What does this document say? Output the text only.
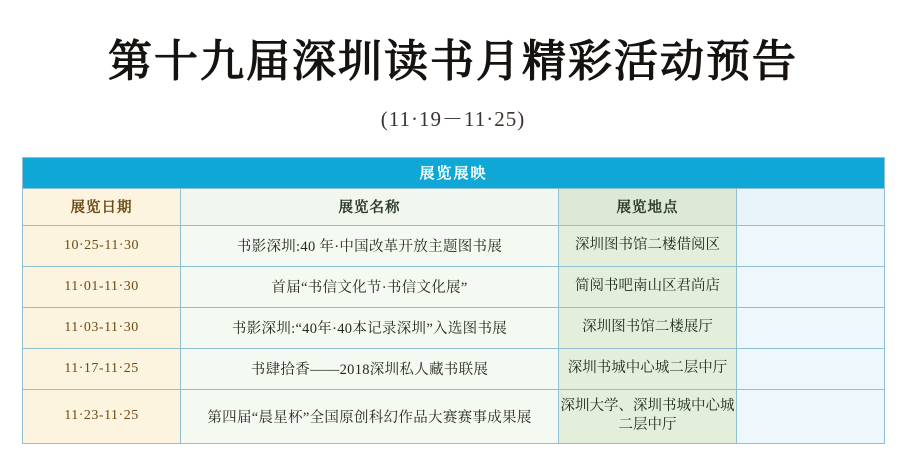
第十九届深圳读书月精彩活动预告
(11·19－11·25)
展览展映			
展览日期	展览名称	展览地点	
10·25-11·30	书影深圳:40 年·中国改革开放主题图书展	深圳图书馆二楼借阅区	
11·01-11·30	首届“书信文化节·书信文化展”	简阅书吧南山区君尚店	
11·03-11·30	书影深圳:“40年·40本记录深圳”入选图书展	深圳图书馆二楼展厅	
11·17-11·25	书肆拾香——2018深圳私人藏书联展	深圳书城中心城二层中厅	
11·23-11·25	第四届“晨星杯”全国原创科幻作品大赛赛事成果展	深圳大学、深圳书城中心城二层中厅	
